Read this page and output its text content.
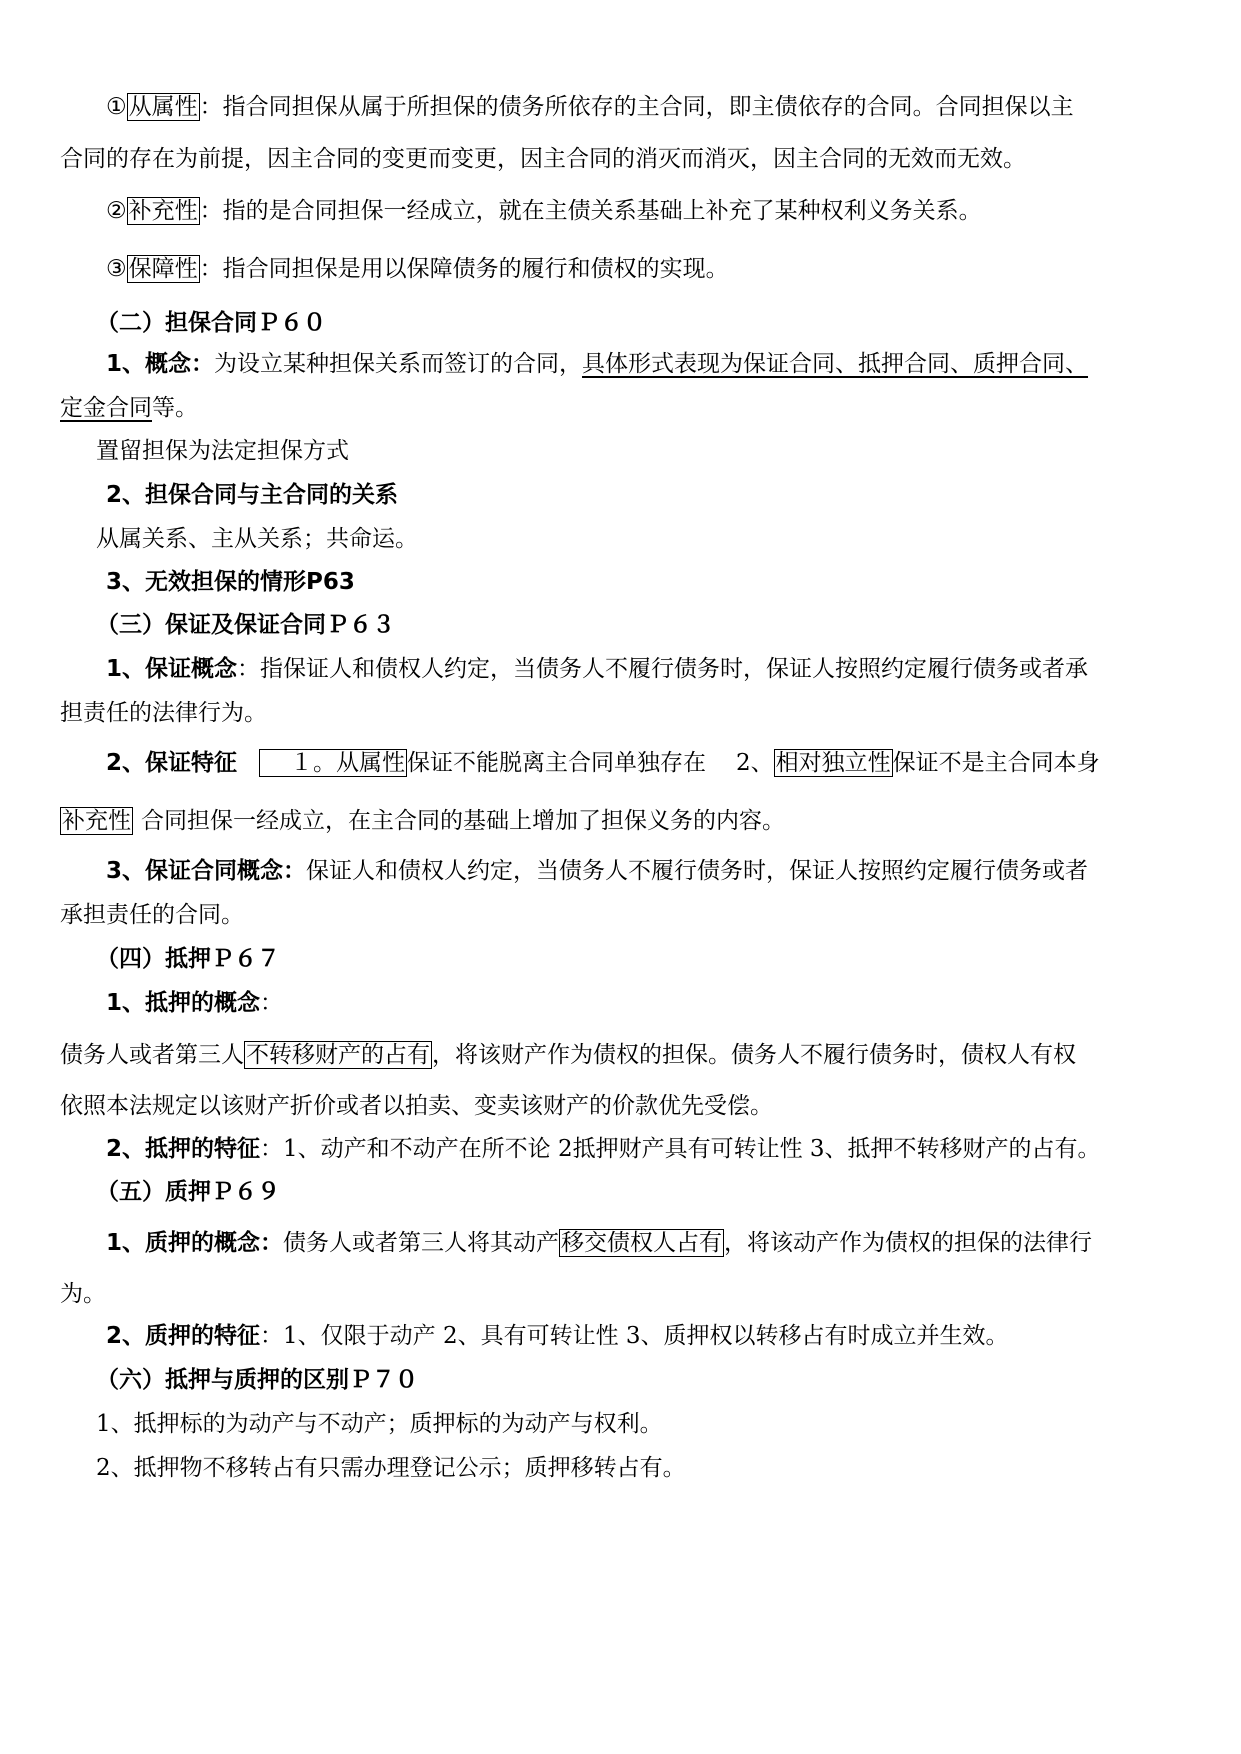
①从属性：指合同担保从属于所担保的债务所依存的主合同，即主债依存的合同。合同担保以主
合同的存在为前提，因主合同的变更而变更，因主合同的消灭而消灭，因主合同的无效而无效。
②补充性：指的是合同担保一经成立，就在主债关系基础上补充了某种权利义务关系。
③保障性：指合同担保是用以保障债务的履行和债权的实现。
（二）担保合同Ｐ６０
1、概念：为设立某种担保关系而签订的合同，具体形式表现为保证合同、抵押合同、质押合同、
定金合同等。
置留担保为法定担保方式
2、担保合同与主合同的关系
从属关系、主从关系；共命运。
3、无效担保的情形P63
（三）保证及保证合同Ｐ６３
1、保证概念：指保证人和债权人约定，当债务人不履行债务时，保证人按照约定履行债务或者承
担责任的法律行为。
2、保证特征 １。从属性保证不能脱离主合同单独存在 2、相对独立性保证不是主合同本身
补充性 合同担保一经成立，在主合同的基础上增加了担保义务的内容。
3、保证合同概念：保证人和债权人约定，当债务人不履行债务时，保证人按照约定履行债务或者
承担责任的合同。
（四）抵押Ｐ６７
1、抵押的概念：
债务人或者第三人不转移财产的占有，将该财产作为债权的担保。债务人不履行债务时，债权人有权
依照本法规定以该财产折价或者以拍卖、变卖该财产的价款优先受偿。
2、抵押的特征：1、动产和不动产在所不论 2抵押财产具有可转让性 3、抵押不转移财产的占有。
（五）质押Ｐ６９
1、质押的概念：债务人或者第三人将其动产移交债权人占有，将该动产作为债权的担保的法律行
为。
2、质押的特征：1、仅限于动产 2、具有可转让性 3、质押权以转移占有时成立并生效。
（六）抵押与质押的区别Ｐ７０
1、抵押标的为动产与不动产；质押标的为动产与权利。
2、抵押物不移转占有只需办理登记公示；质押移转占有。
